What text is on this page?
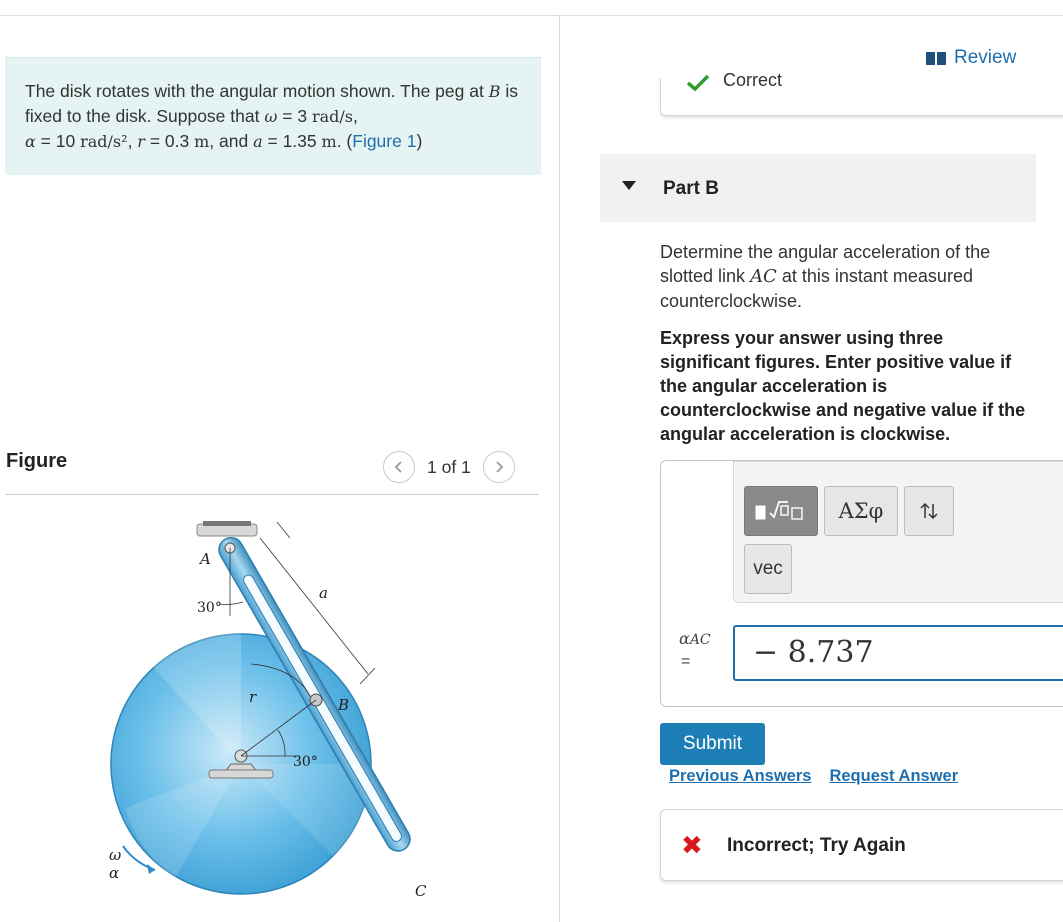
The disk rotates with the angular motion shown. The peg at B is fixed to the disk. Suppose that ω = 3 rad/s,
α = 10 rad/s², r = 0.3 m, and a = 1.35 m. (Figure 1)
Figure	1 of 1
A
30°
a
r	B
30°
ω
α
C
Review
Correct
Part B
Determine the angular acceleration of the slotted link AC at this instant measured counterclockwise.
Express your answer using three significant figures. Enter positive value if the angular acceleration is counterclockwise and negative value if the angular acceleration is clockwise.
ΑΣφ
vec
αAC
=	− 8.737
Submit
Previous Answers Request Answer
✖ Incorrect; Try Again
